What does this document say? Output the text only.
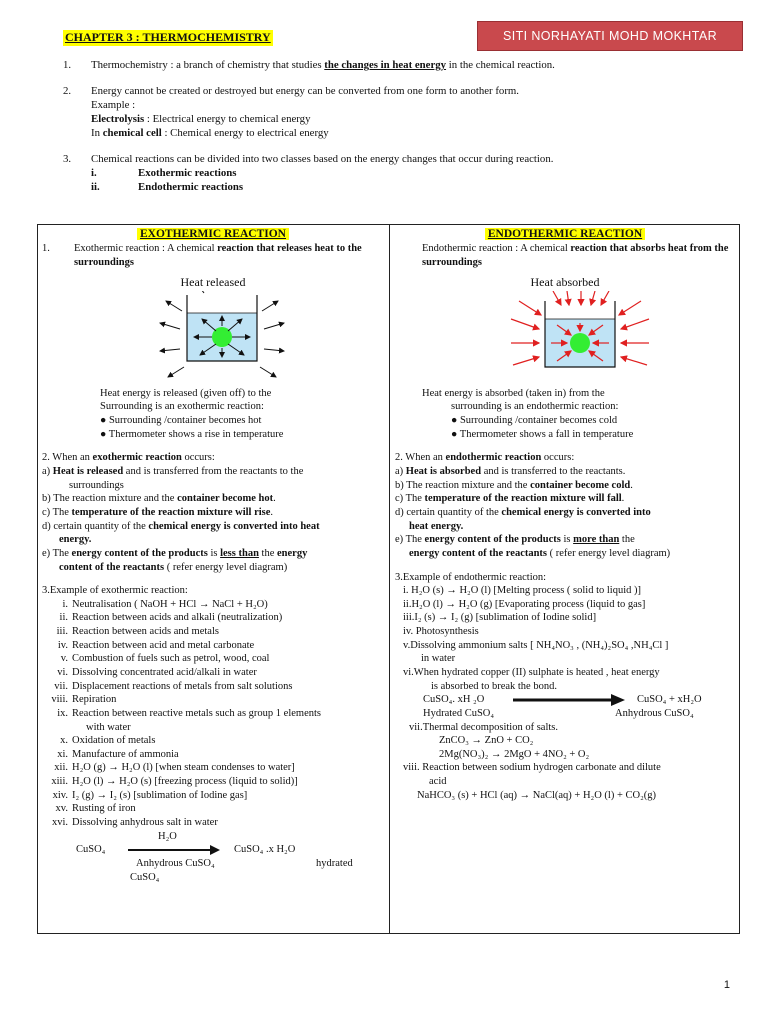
CHAPTER 3 : THERMOCHEMISTRY	SITI NORHAYATI MOHD MOKHTAR
1.	Thermochemistry : a branch of chemistry that studies the changes in heat energy in the chemical reaction.
2.	Energy cannot be created or destroyed but energy can be converted from one form to another form.
Example :
Electrolysis : Electrical energy to chemical energy
In chemical cell : Chemical energy to electrical energy
3.	Chemical reactions can be divided into two classes based on the energy changes that occur during reaction.
i.	Exothermic reactions
ii.	Endothermic reactions
EXOTHERMIC REACTION
1.	Exothermic reaction : A chemical reaction that releases heat to the surroundings
Heat released
Heat energy is released (given off) to the
Surrounding is an exothermic reaction:
● Surrounding /container becomes hot
● Thermometer shows a rise in temperature
2. When an exothermic reaction occurs:
a) Heat is released and is transferred from the reactants to the
surroundings
b) The reaction mixture and the container become hot.
c) The temperature of the reaction mixture will rise.
d) certain quantity of the chemical energy is converted into heat
energy.
e) The energy content of the products is less than the energy
content of the reactants ( refer energy level diagram)
3.Example of exothermic reaction:
i. Neutralisation ( NaOH + HCl → NaCl + H₂O)
ii. Reaction between acids and alkali (neutralization)
iii. Reaction between acids and metals
iv. Reaction between acid and metal carbonate
v. Combustion of fuels such as petrol, wood, coal
vi. Dissolving concentrated acid/alkali in water
vii. Displacement reactions of metals from salt solutions
viii. Repiration
ix. Reaction between reactive metals such as group 1 elements
with water
x. Oxidation of metals
xi. Manufacture of ammonia
xii. H₂O (g) → H₂O (l) [when steam condenses to water]
xiii. H₂O (l) → H₂O (s) [freezing process (liquid to solid)]
xiv. I₂ (g) → I₂ (s) [sublimation of Iodine gas]
xv. Rusting of iron
xvi. Dissolving anhydrous salt in water
H₂O
CuSO₄	CuSO₄ .x H₂O
Anhydrous CuSO₄	hydrated
CuSO₄
ENDOTHERMIC REACTION
Endothermic reaction : A chemical reaction that absorbs heat from the surroundings
Heat absorbed
Heat energy is absorbed (taken in) from the
surrounding is an endothermic reaction:
● Surrounding /container becomes cold
● Thermometer shows a fall in temperature
2. When an endothermic reaction occurs:
a) Heat is absorbed and is transferred to the reactants.
b) The reaction mixture and the container become cold.
c) The temperature of the reaction mixture will fall.
d) certain quantity of the chemical energy is converted into
heat energy.
e) The energy content of the products is more than the
energy content of the reactants ( refer energy level diagram)
3.Example of endothermic reaction:
i. H₂O (s) → H₂O (l) [Melting process ( solid to liquid )]
ii.H₂O (l) → H₂O (g) [Evaporating process (liquid to gas]
iii.I₂ (s) → I₂ (g) [sublimation of Iodine solid]
iv. Photosynthesis
v.Dissolving ammonium salts [ NH₄NO₃ , (NH₄)₂SO₄ ,NH₄Cl ]
in water
vi.When hydrated copper (II) sulphate is heated , heat energy
is absorbed to break the bond.
CuSO₄. xH ₂O	CuSO₄ + xH₂O
Hydrated CuSO₄	Anhydrous CuSO₄
vii.Thermal decomposition of salts.
ZnCO₃ → ZnO + CO₂
2Mg(NO₃)₂ → 2MgO + 4NO₂ + O₂
viii. Reaction between sodium hydrogen carbonate and dilute
acid
NaHCO₃ (s) + HCl (aq) → NaCl(aq) + H₂O (l) + CO₂(g)
1
